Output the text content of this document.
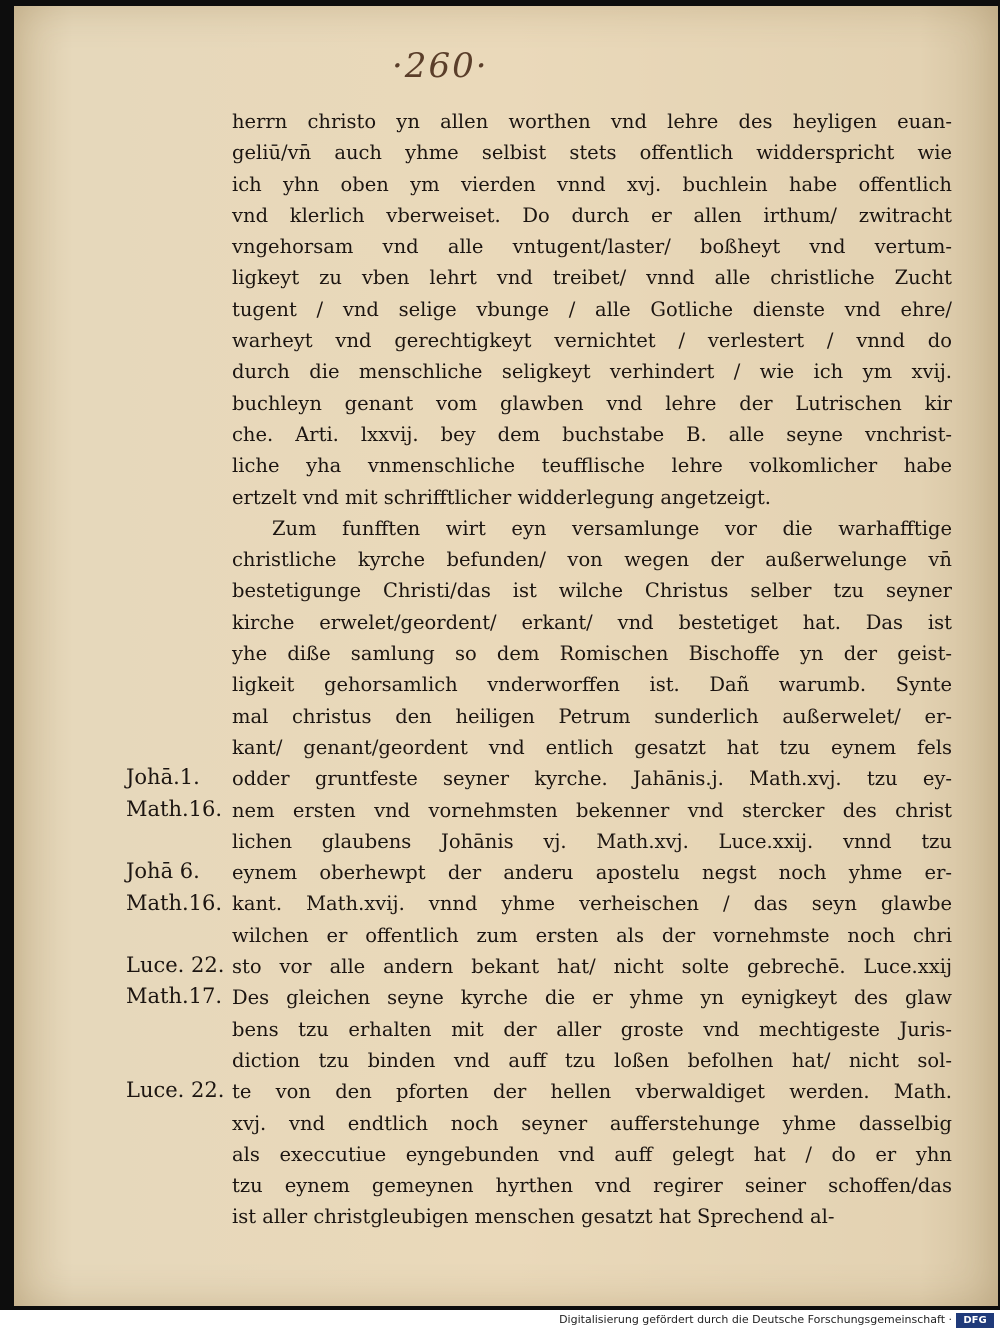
·260·
herrn christo yn allen worthen vnd lehre des heyligen euan-
geliū/vn̄ auch yhme selbist stets offentlich widderspricht wie
ich yhn oben ym vierden vnnd xvj. buchlein habe offentlich
vnd klerlich vberweiset. Do durch er allen irthum/ zwitracht
vngehorsam vnd alle vntugent/laster/ boßheyt vnd vertum-
ligkeyt zu vben lehrt vnd treibet/ vnnd alle christliche Zucht
tugent / vnd selige vbunge / alle Gotliche dienste vnd ehre/
warheyt vnd gerechtigkeyt vernichtet / verlestert / vnnd do
durch die menschliche seligkeyt verhindert / wie ich ym xvij.
buchleyn genant vom glawben vnd lehre der Lutrischen kir
che. Arti. lxxvij. bey dem buchstabe B. alle seyne vnchrist-
liche yha vnmenschliche teufflische lehre volkomlicher habe
ertzelt vnd mit schrifftlicher widderlegung angetzeigt.
Zum funfften wirt eyn versamlunge vor die warhafftige
christliche kyrche befunden/ von wegen der außerwelunge vn̄
bestetigunge Christi/das ist wilche Christus selber tzu seyner
kirche erwelet/geordent/ erkant/ vnd bestetiget hat. Das ist
yhe diße samlung so dem Romischen Bischoffe yn der geist-
ligkeit gehorsamlich vnderworffen ist. Dañ warumb. Synte
mal christus den heiligen Petrum sunderlich außerwelet/ er-
kant/ genant/geordent vnd entlich gesatzt hat tzu eynem fels
odder gruntfeste seyner kyrche. Jahānis.j. Math.xvj. tzu ey-
nem ersten vnd vornehmsten bekenner vnd stercker des christ
lichen glaubens Johānis vj. Math.xvj. Luce.xxij. vnnd tzu
eynem oberhewpt der anderu apostelu negst noch yhme er-
kant. Math.xvij. vnnd yhme verheischen / das seyn glawbe
wilchen er offentlich zum ersten als der vornehmste noch chri
sto vor alle andern bekant hat/ nicht solte gebrechē. Luce.xxij
Des gleichen seyne kyrche die er yhme yn eynigkeyt des glaw
bens tzu erhalten mit der aller groste vnd mechtigeste Juris-
diction tzu binden vnd auff tzu loßen befolhen hat/ nicht sol-
te von den pforten der hellen vberwaldiget werden. Math.
xvj. vnd endtlich noch seyner aufferstehunge yhme dasselbig
als execcutiue eyngebunden vnd auff gelegt hat / do er yhn
tzu eynem gemeynen hyrthen vnd regirer seiner schoffen/das
ist aller christgleubigen menschen gesatzt hat Sprechend al-
Johā.1.
Math.16.
Johā 6.
Math.16.
Luce. 22.
Math.17.
Luce. 22.
Digitalisierung gefördert durch die Deutsche Forschungsgemeinschaft ·	DFG
